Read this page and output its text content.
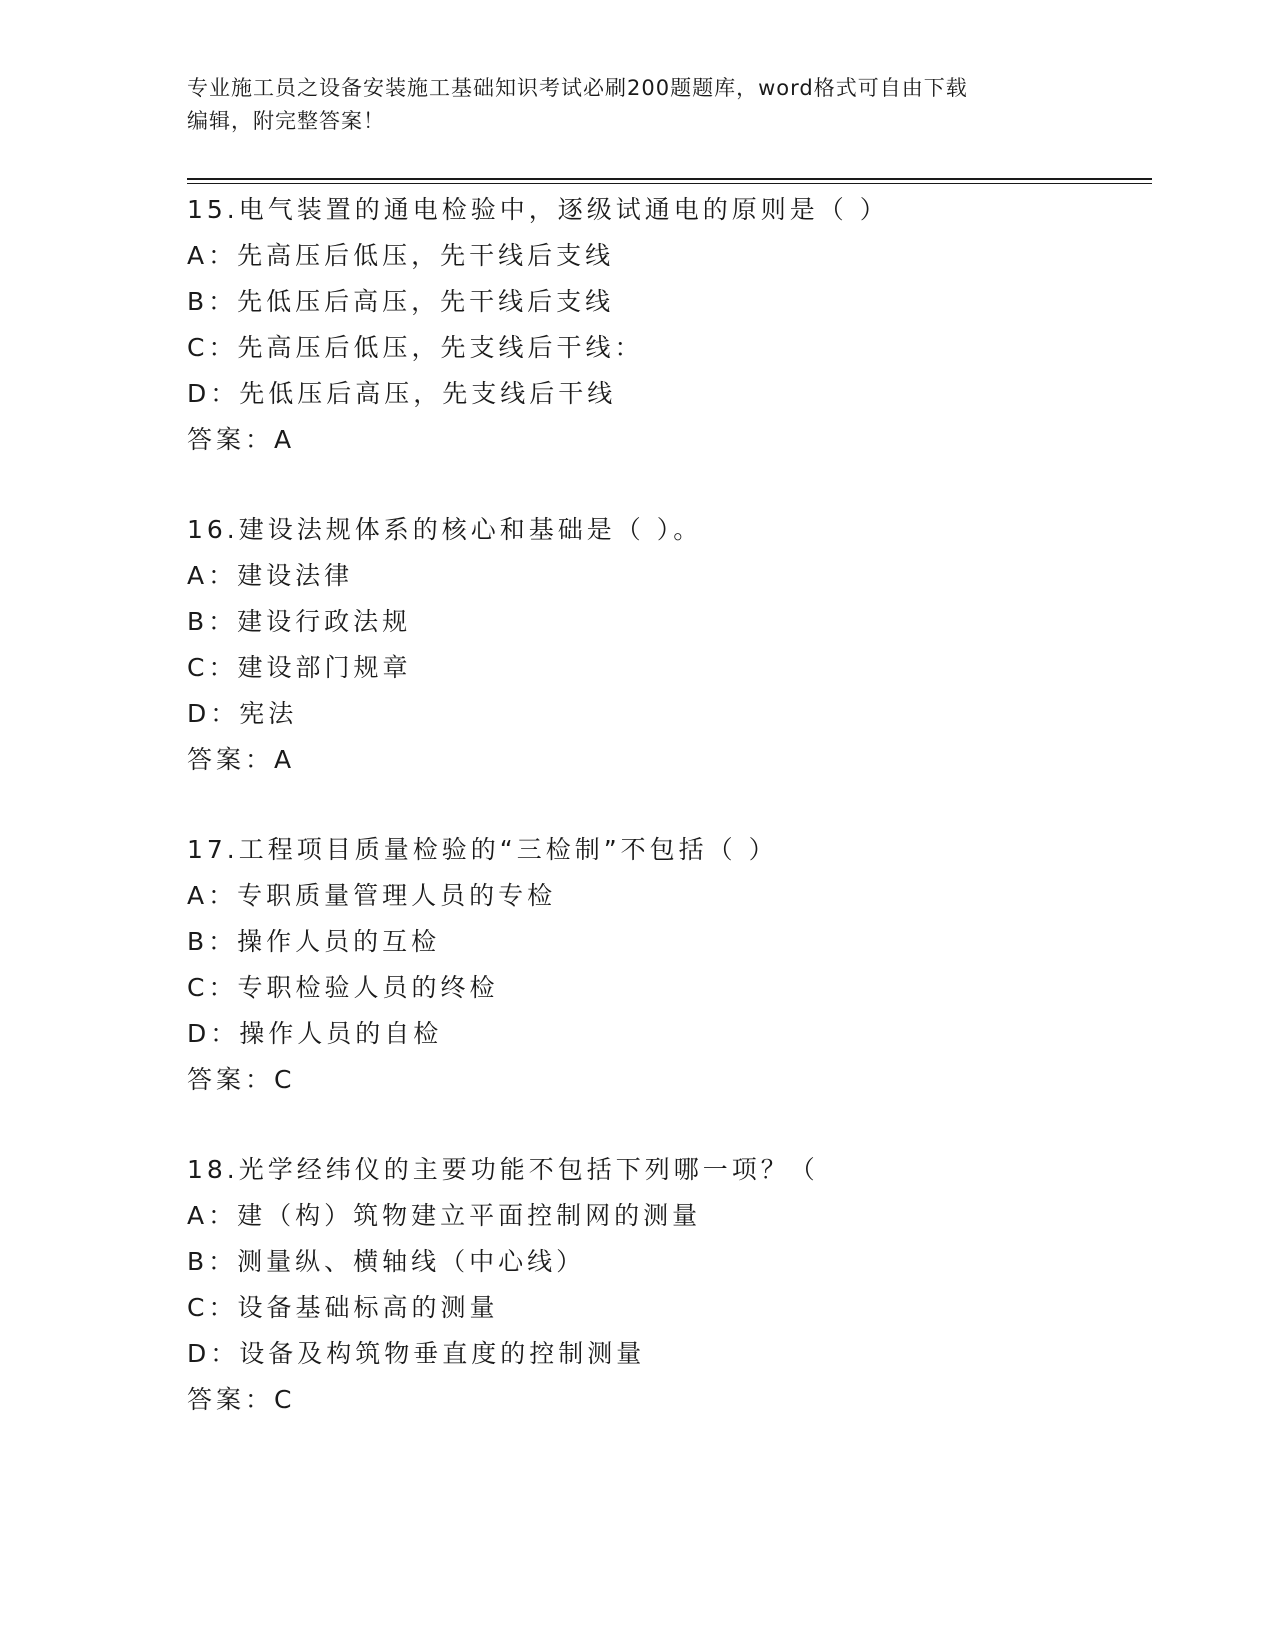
专业施工员之设备安装施工基础知识考试必刷200题题库，word格式可自由下载
编辑，附完整答案！
15.电气装置的通电检验中，逐级试通电的原则是（ ）
A：先高压后低压，先干线后支线
B：先低压后高压，先干线后支线
C：先高压后低压，先支线后干线：
D：先低压后高压，先支线后干线
答案：A
16.建设法规体系的核心和基础是（ ）。
A：建设法律
B：建设行政法规
C：建设部门规章
D：宪法
答案：A
17.工程项目质量检验的“三检制”不包括（ ）
A：专职质量管理人员的专检
B：操作人员的互检
C：专职检验人员的终检
D：操作人员的自检
答案：C
18.光学经纬仪的主要功能不包括下列哪一项？（
A：建（构）筑物建立平面控制网的测量
B：测量纵、横轴线（中心线）
C：设备基础标高的测量
D：设备及构筑物垂直度的控制测量
答案：C
